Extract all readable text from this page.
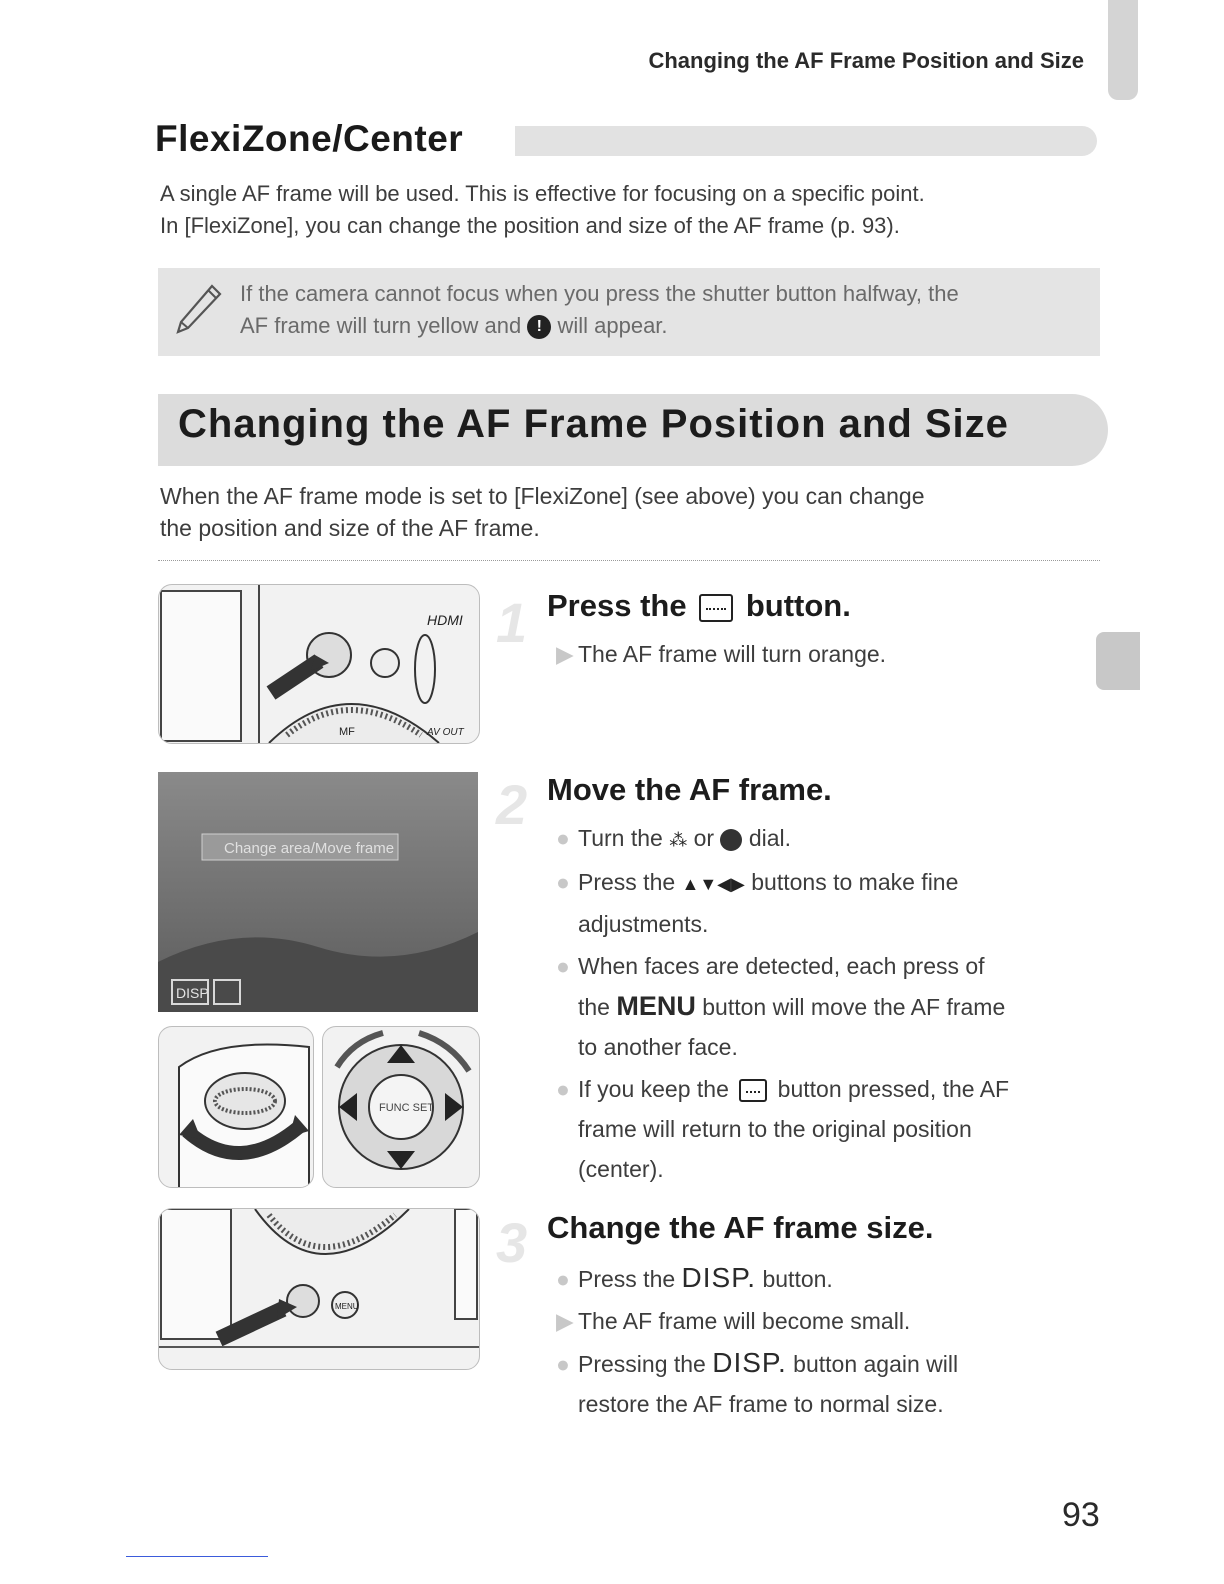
Changing the AF Frame Position and Size
FlexiZone/Center
A single AF frame will be used. This is effective for focusing on a specific point.
In [FlexiZone], you can change the position and size of the AF frame (p. 93).
If the camera cannot focus when you press the shutter button halfway, the
AF frame will turn yellow and ! will appear.
Changing the AF Frame Position and Size
When the AF frame mode is set to [FlexiZone] (see above) you can change
the position and size of the AF frame.
HDMI
MF	AV OUT
Change area/Move frame
DISP
FUNC SET
MENU
1 Press the button.
▶ The AF frame will turn orange.
2 Move the AF frame.
● Turn the ⁂ or dial.
● Press the ▲▼◀▶ buttons to make fine
adjustments.
● When faces are detected, each press of
the MENU button will move the AF frame
to another face.
● If you keep the button pressed, the AF
frame will return to the original position
(center).
3 Change the AF frame size.
● Press the DISP. button.
▶ The AF frame will become small.
● Pressing the DISP. button again will
restore the AF frame to normal size.
93
